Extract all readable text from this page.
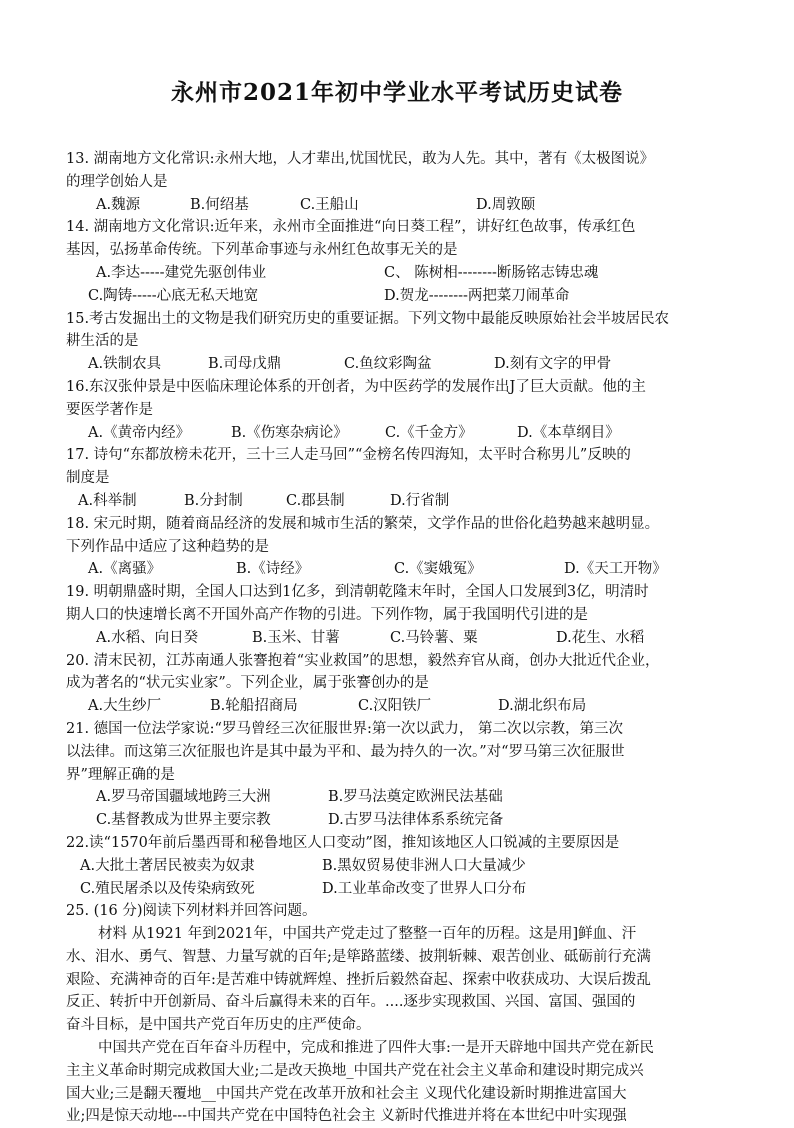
永州市2021年初中学业水平考试历史试卷
13. 湖南地方文化常识:永州大地，人才辈出,忧国忧民，敢为人先。其中，著有《太极图说》
的理学创始人是
A.魏源	B.何绍基	C.王船山	D.周敦颐
14. 湖南地方文化常识:近年来，永州市全面推进“向日葵工程”，讲好红色故事，传承红色
基因，弘扬革命传统。下列革命事迹与永州红色故事无关的是
A.李达-----建党先驱创伟业	C、 陈树相--------断肠铭志铸忠魂
C.陶铸-----心底无私天地宽	D.贺龙--------两把菜刀闹革命
15.考古发掘出土的文物是我们研究历史的重要证据。下列文物中最能反映原始社会半坡居民农
耕生活的是
A.铁制农具	B.司母戊鼎	C.鱼纹彩陶盆	D.刻有文字的甲骨
16.东汉张仲景是中医临床理论体系的开创者，为中医药学的发展作出J了巨大贡献。他的主
要医学著作是
A.《黄帝内经》	B.《伤寒杂病论》	C.《千金方》	D.《本草纲目》
17. 诗句“东都放榜未花开，三十三人走马回”“金榜名传四海知，太平时合称男儿”反映的
制度是
A.科举制	B.分封制	C.郡县制	D.行省制
18. 宋元时期，随着商品经济的发展和城市生活的繁荣，文学作品的世俗化趋势越来越明显。
下列作品中适应了这种趋势的是
A.《离骚》	B.《诗经》	C.《窦娥冤》	D.《天工开物》
19. 明朝鼎盛时期，全国人口达到1亿多，到清朝乾隆末年时，全国人口发展到3亿，明清时
期人口的快速增长离不开国外高产作物的引进。下列作物，属于我国明代引进的是
A.水稻、向日癸	B.玉米、甘薯	C.马铃薯、粟	D.花生、水稻
20. 清末民初，江苏南通人张謇抱着“实业救国”的思想，毅然弃官从商，创办大批近代企业，
成为著名的“状元实业家”。下列企业，属于张謇创办的是
A.大生纱厂	B.轮船招商局	C.汉阳铁厂	D.湖北织布局
21. 德国一位法学家说:“罗马曾经三次征服世界:第一次以武力， 第二次以宗教，第三次
以法律。而这第三次征服也许是其中最为平和、最为持久的一次。”对“罗马第三次征服世
界”理解正确的是
A.罗马帝国疆域地跨三大洲	B.罗马法奠定欧洲民法基础
C.基督教成为世界主要宗教	D.古罗马法律体系系统完备
22.读“1570年前后墨西哥和秘鲁地区人口变动”图，推知该地区人口锐减的主要原因是
A.大批土著居民被卖为奴隶	B.黑奴贸易使非洲人口大量减少
C.殖民屠杀以及传染病致死	D.工业革命改变了世界人口分布
25. (16 分)阅读下列材料并回答问题。
材料 从1921 年到2021年，中国共产党走过了整整一百年的历程。这是用]鲜血、汗
水、泪水、勇气、智慧、力量写就的百年;是筚路蓝缕、披荆斩棘、艰苦创业、砥砺前行充满
艰险、充满神奇的百年:是苦难中铸就辉煌、挫折后毅然奋起、探索中收获成功、大误后拨乱
反正、转折中开创新局、奋斗后赢得未来的百年。....逐步实现救国、兴国、富国、强国的
奋斗目标，是中国共产党百年历史的庄严使命。
中国共产党在百年奋斗历程中，完成和推进了四件大事:一是开天辟地中国共产党在新民
主主义革命时期完成救国大业;二是改天换地_中国共产党在社会主义革命和建设时期完成兴
国大业;三是翻天覆地__中国共产党在改革开放和社会主 义现代化建设新时期推进富国大
业;四是惊天动地---中国共产党在中国特色社会主 义新时代推进并将在本世纪中叶实现强
